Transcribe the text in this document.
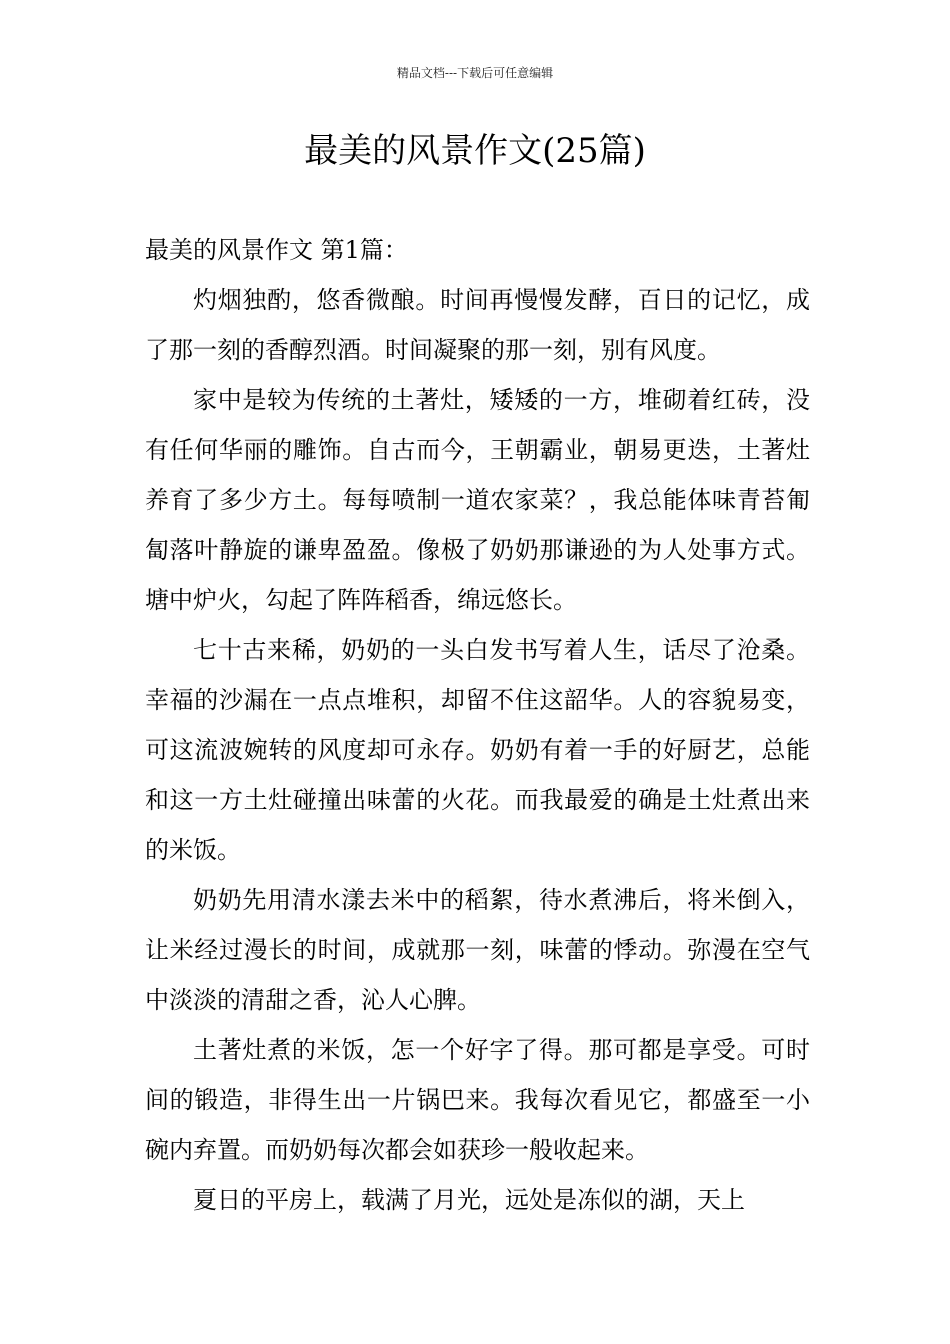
精品文档---下载后可任意编辑
最美的风景作文(25篇)

最美的风景作文 第1篇：

灼烟独酌，悠香微酿。时间再慢慢发酵，百日的记忆，成了那一刻的香醇烈酒。时间凝聚的那一刻，别有风度。

家中是较为传统的土著灶，矮矮的一方，堆砌着红砖，没有任何华丽的雕饰。自古而今，王朝霸业，朝易更迭，土著灶养育了多少方土。每每喷制一道农家菜？，我总能体味青苔匍匐落叶静旋的谦卑盈盈。像极了奶奶那谦逊的为人处事方式。塘中炉火，勾起了阵阵稻香，绵远悠长。

七十古来稀，奶奶的一头白发书写着人生，话尽了沧桑。幸福的沙漏在一点点堆积，却留不住这韶华。人的容貌易变，可这流波婉转的风度却可永存。奶奶有着一手的好厨艺，总能和这一方土灶碰撞出味蕾的火花。而我最爱的确是土灶煮出来的米饭。

奶奶先用清水漾去米中的稻絮，待水煮沸后，将米倒入，让米经过漫长的时间，成就那一刻，味蕾的悸动。弥漫在空气中淡淡的清甜之香，沁人心脾。

土著灶煮的米饭，怎一个好字了得。那可都是享受。可时间的锻造，非得生出一片锅巴来。我每次看见它，都盛至一小碗内弃置。而奶奶每次都会如获珍一般收起来。

夏日的平房上，载满了月光，远处是冻似的湖，天上
